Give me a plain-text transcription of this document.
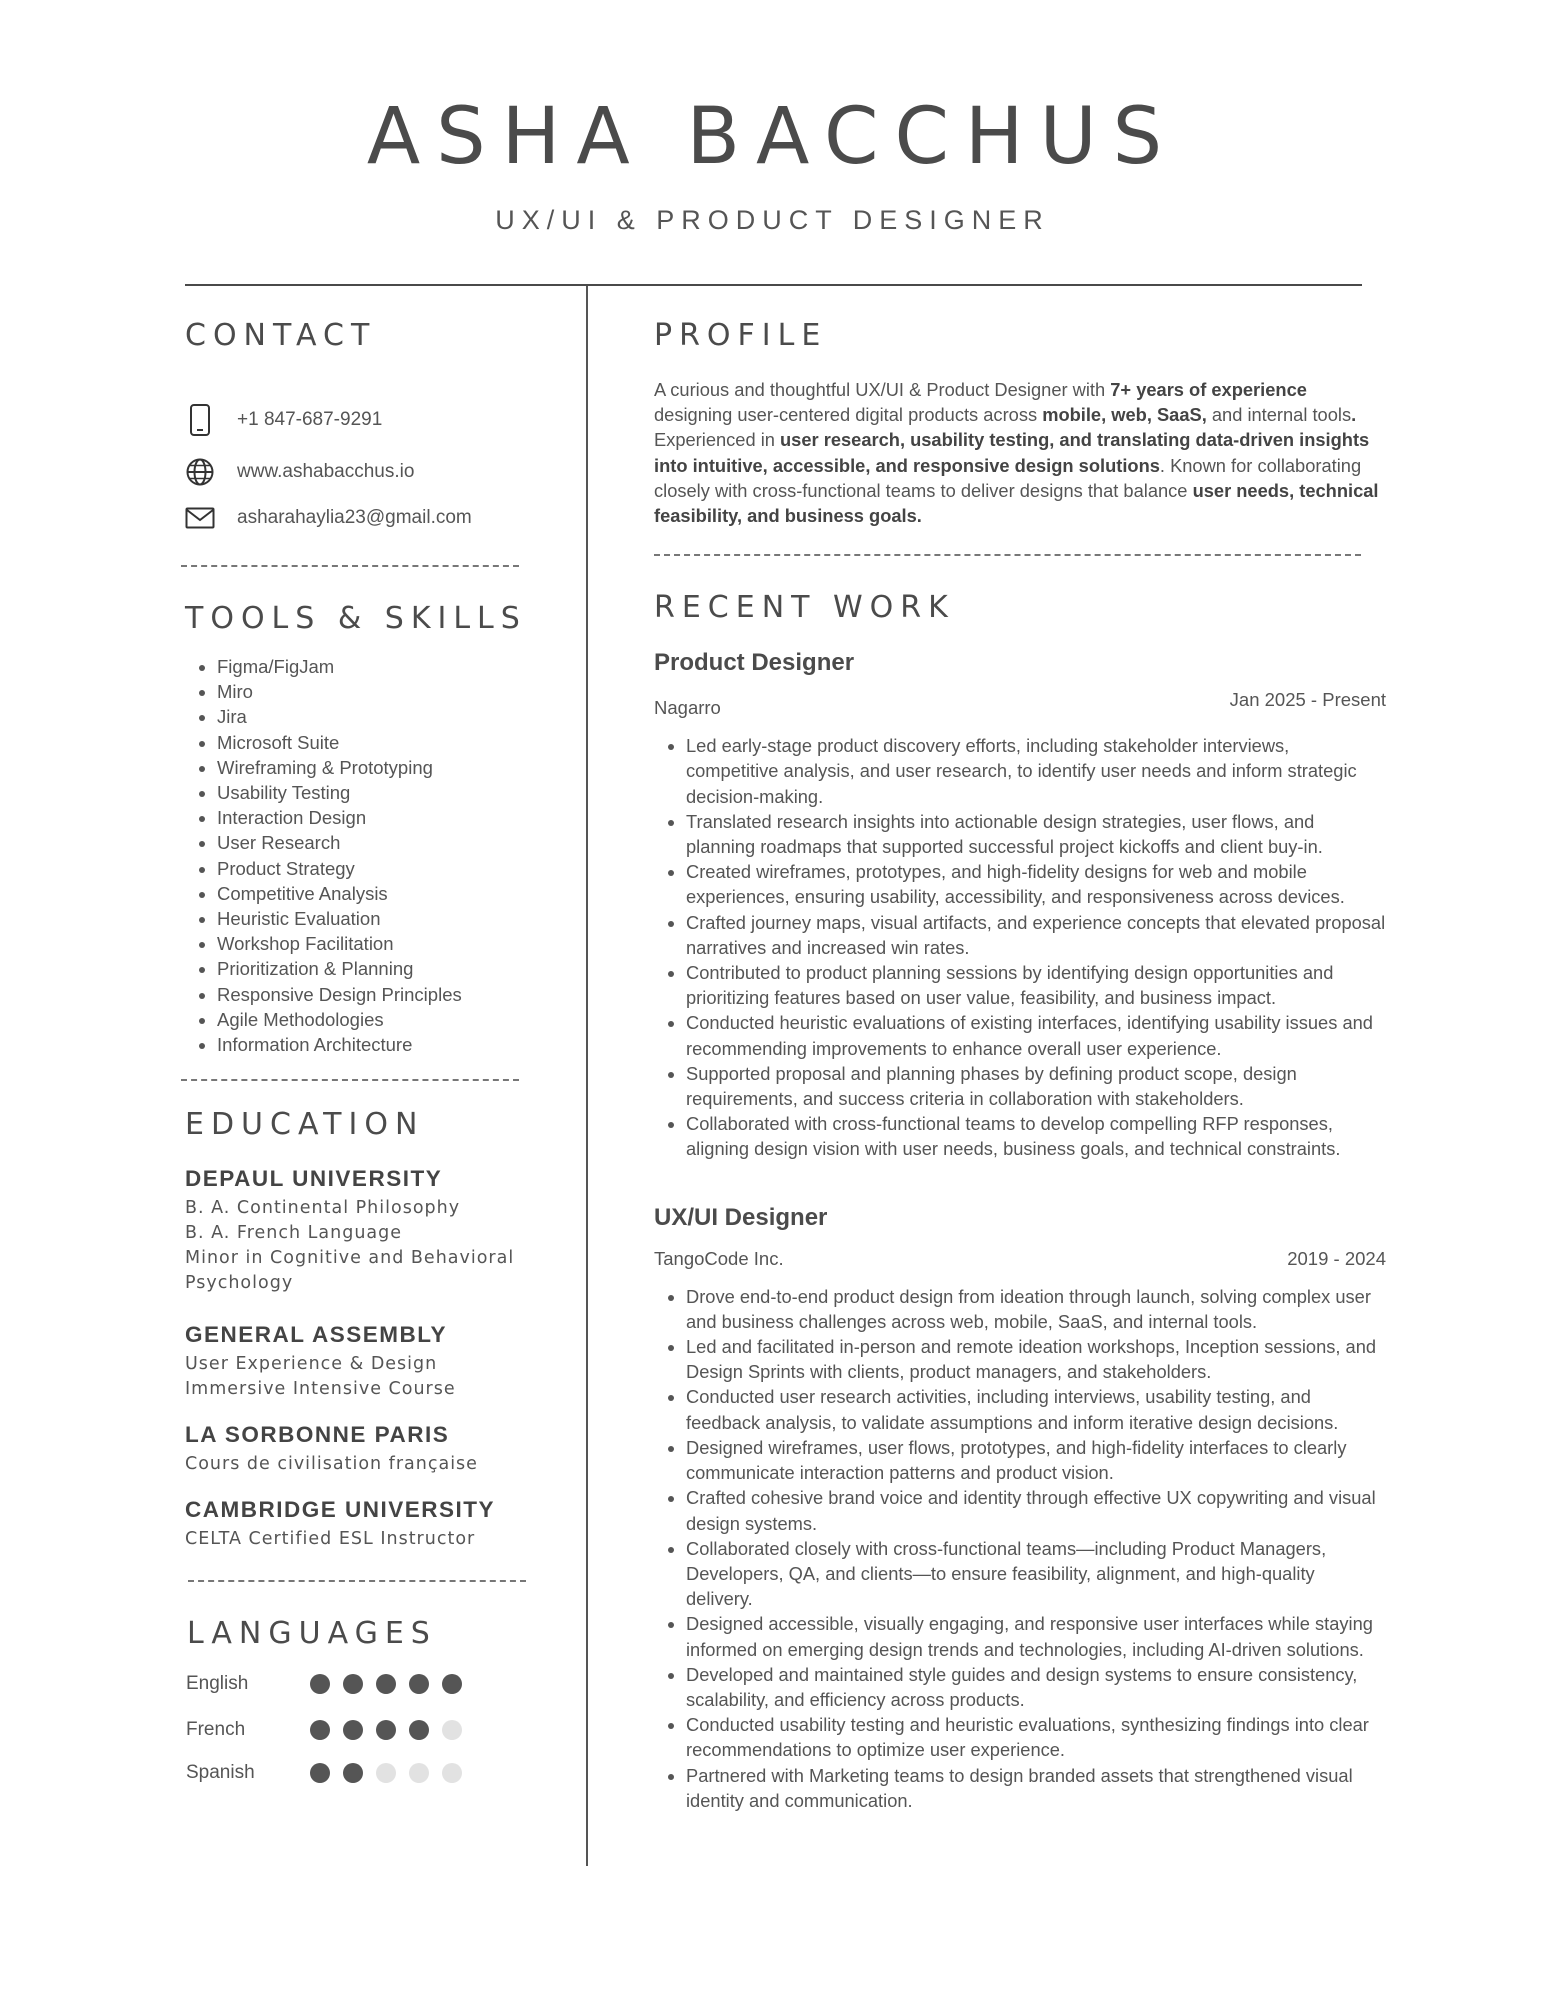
ASHA BACCHUS
UX/UI & PRODUCT DESIGNER
CONTACT
+1 847-687-9291
www.ashabacchus.io
asharahaylia23@gmail.com
TOOLS & SKILLS
• Figma/FigJam
• Miro
• Jira
• Microsoft Suite
• Wireframing & Prototyping
• Usability Testing
• Interaction Design
• User Research
• Product Strategy
• Competitive Analysis
• Heuristic Evaluation
• Workshop Facilitation
• Prioritization & Planning
• Responsive Design Principles
• Agile Methodologies
• Information Architecture
EDUCATION
DEPAUL UNIVERSITY
B. A. Continental Philosophy
B. A. French Language
Minor in Cognitive and Behavioral
Psychology
GENERAL ASSEMBLY
User Experience & Design
Immersive Intensive Course
LA SORBONNE PARIS
Cours de civilisation française
CAMBRIDGE UNIVERSITY
CELTA Certified ESL Instructor
LANGUAGES
English
French
Spanish
PROFILE

A curious and thoughtful UX/UI & Product Designer with 7+ years of experience designing user-centered digital products across mobile, web, SaaS, and internal tools. Experienced in user research, usability testing, and translating data-driven insights into intuitive, accessible, and responsive design solutions. Known for collaborating closely with cross-functional teams to deliver designs that balance user needs, technical feasibility, and business goals.

RECENT WORK
Product Designer
Nagarro	Jan 2025 - Present
• Led early-stage product discovery efforts, including stakeholder interviews, competitive analysis, and user research, to identify user needs and inform strategic decision-making.
• Translated research insights into actionable design strategies, user flows, and planning roadmaps that supported successful project kickoffs and client buy-in.
• Created wireframes, prototypes, and high-fidelity designs for web and mobile experiences, ensuring usability, accessibility, and responsiveness across devices.
• Crafted journey maps, visual artifacts, and experience concepts that elevated proposal narratives and increased win rates.
• Contributed to product planning sessions by identifying design opportunities and prioritizing features based on user value, feasibility, and business impact.
• Conducted heuristic evaluations of existing interfaces, identifying usability issues and recommending improvements to enhance overall user experience.
• Supported proposal and planning phases by defining product scope, design requirements, and success criteria in collaboration with stakeholders.
• Collaborated with cross-functional teams to develop compelling RFP responses, aligning design vision with user needs, business goals, and technical constraints.
UX/UI Designer
TangoCode Inc.	2019 - 2024
• Drove end-to-end product design from ideation through launch, solving complex user and business challenges across web, mobile, SaaS, and internal tools.
• Led and facilitated in-person and remote ideation workshops, Inception sessions, and Design Sprints with clients, product managers, and stakeholders.
• Conducted user research activities, including interviews, usability testing, and feedback analysis, to validate assumptions and inform iterative design decisions.
• Designed wireframes, user flows, prototypes, and high-fidelity interfaces to clearly communicate interaction patterns and product vision.
• Crafted cohesive brand voice and identity through effective UX copywriting and visual design systems.
• Collaborated closely with cross-functional teams—including Product Managers, Developers, QA, and clients—to ensure feasibility, alignment, and high-quality delivery.
• Designed accessible, visually engaging, and responsive user interfaces while staying informed on emerging design trends and technologies, including AI-driven solutions.
• Developed and maintained style guides and design systems to ensure consistency, scalability, and efficiency across products.
• Conducted usability testing and heuristic evaluations, synthesizing findings into clear recommendations to optimize user experience.
• Partnered with Marketing teams to design branded assets that strengthened visual identity and communication.
